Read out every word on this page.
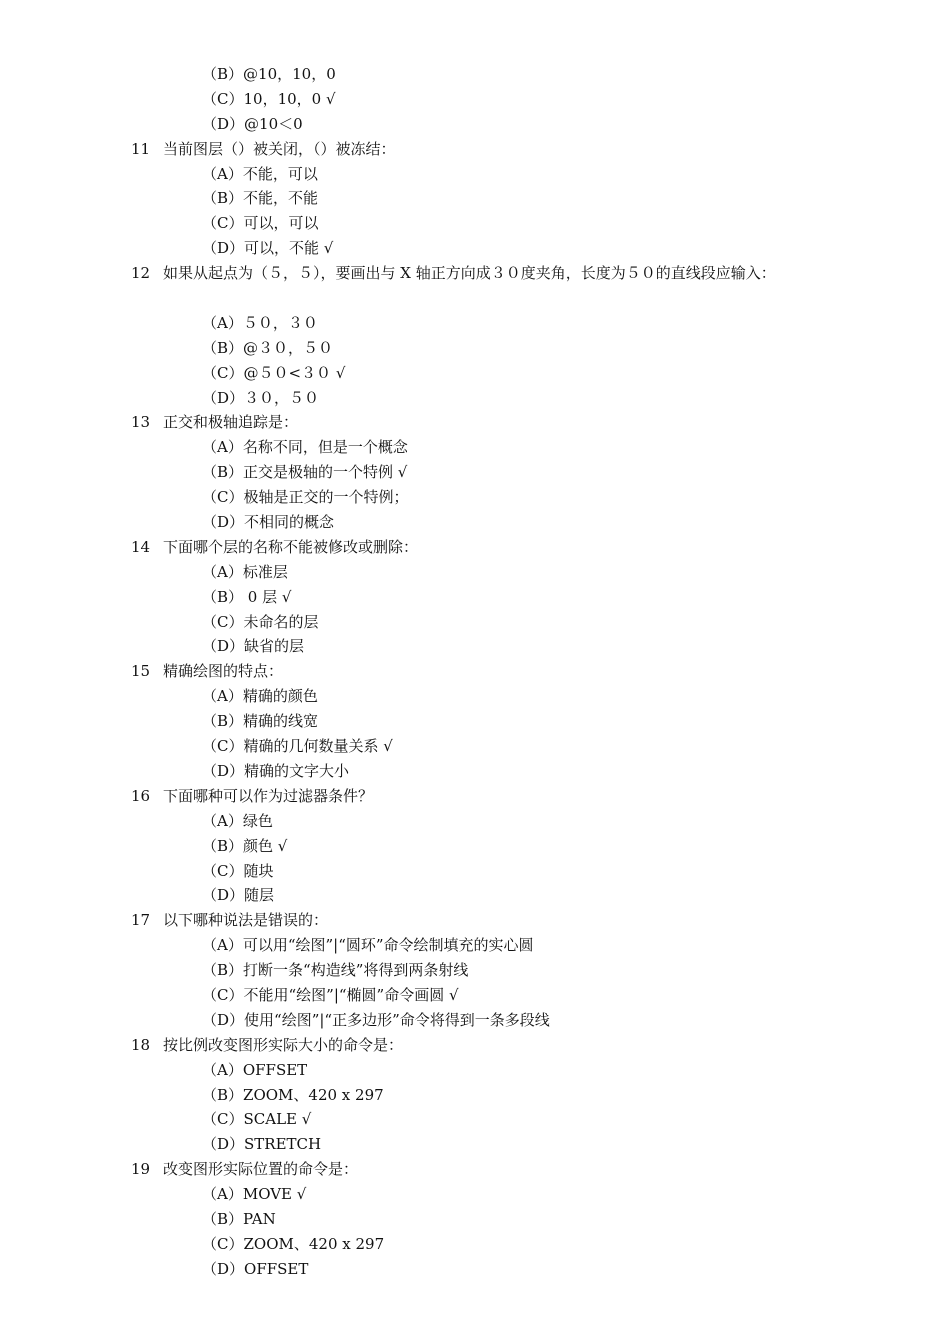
（B）@10，10，0
（C）10，10，0 √
（D）@10＜0
11 当前图层（）被关闭，（）被冻结：
（A）不能，可以
（B）不能，不能
（C）可以，可以
（D）可以，不能 √
12 如果从起点为（５，５），要画出与 X 轴正方向成３０度夹角，长度为５０的直线段应输入：
（A）５０，３０
（B）@３０，５０
（C）@５０<３０ √
（D）３０，５０
13 正交和极轴追踪是：
（A）名称不同，但是一个概念
（B）正交是极轴的一个特例 √
（C）极轴是正交的一个特例；
（D）不相同的概念
14 下面哪个层的名称不能被修改或删除：
（A）标准层
（B） 0 层 √
（C）未命名的层
（D）缺省的层
15 精确绘图的特点：
（A）精确的颜色
（B）精确的线宽
（C）精确的几何数量关系 √
（D）精确的文字大小
16 下面哪种可以作为过滤器条件？
（A）绿色
（B）颜色 √
（C）随块
（D）随层
17 以下哪种说法是错误的：
（A）可以用“绘图”|“圆环”命令绘制填充的实心圆
（B）打断一条“构造线”将得到两条射线
（C）不能用“绘图”|“椭圆”命令画圆 √
（D）使用“绘图”|“正多边形”命令将得到一条多段线
18 按比例改变图形实际大小的命令是：
（A）OFFSET
（B）ZOOM、420 x 297
（C）SCALE √
（D）STRETCH
19 改变图形实际位置的命令是：
（A）MOVE √
（B）PAN
（C）ZOOM、420 x 297
（D）OFFSET
